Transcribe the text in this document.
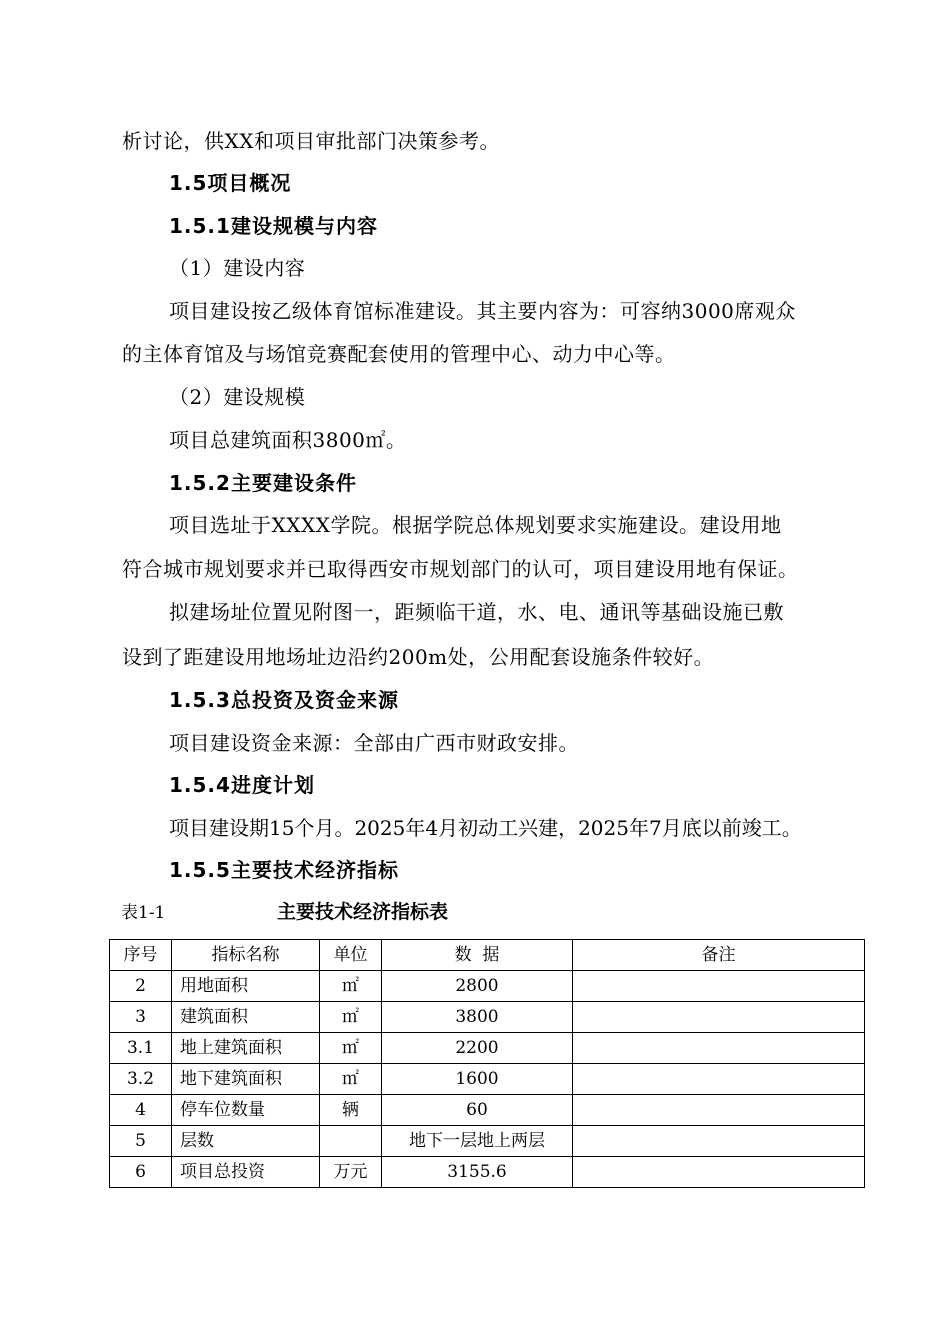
析讨论，供XX和项目审批部门决策参考。
1.5项目概况
1.5.1建设规模与内容
（1）建设内容
项目建设按乙级体育馆标准建设。其主要内容为：可容纳3000席观众
的主体育馆及与场馆竞赛配套使用的管理中心、动力中心等。
（2）建设规模
项目总建筑面积3800㎡。
1.5.2主要建设条件
项目选址于XXXX学院。根据学院总体规划要求实施建设。建设用地
符合城市规划要求并已取得西安市规划部门的认可，项目建设用地有保证。
拟建场址位置见附图一，距频临干道，水、电、通讯等基础设施已敷
设到了距建设用地场址边沿约200m处，公用配套设施条件较好。
1.5.3总投资及资金来源
项目建设资金来源：全部由广西市财政安排。
1.5.4进度计划
项目建设期15个月。2025年4月初动工兴建，2025年7月底以前竣工。
1.5.5主要技术经济指标
表1-1	主要技术经济指标表
序号	指标名称	单位	数  据	备注
2	用地面积	㎡	2800	
3	建筑面积	㎡	3800	
3.1	地上建筑面积	㎡	2200	
3.2	地下建筑面积	㎡	1600	
4	停车位数量	辆	60	
5	层数		地下一层地上两层	
6	项目总投资	万元	3155.6	
